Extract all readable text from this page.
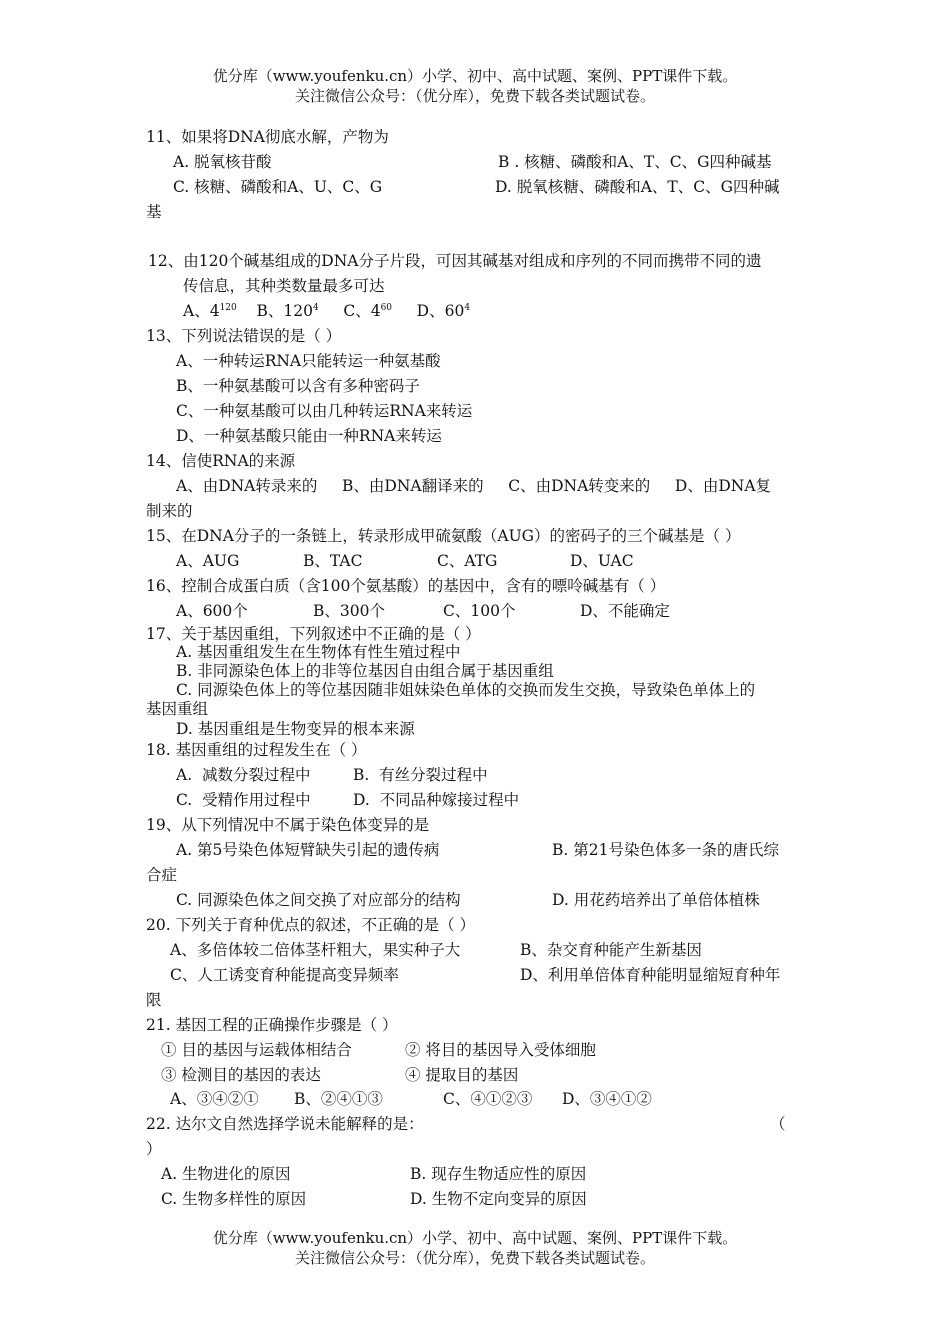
优分库（www.youfenku.cn）小学、初中、高中试题、案例、PPT课件下载。
关注微信公众号：（优分库），免费下载各类试题试卷。
11、如果将DNA彻底水解，产物为
A. 脱氧核苷酸	B . 核糖、磷酸和A、T、C、G四种碱基
C. 核糖、磷酸和A、U、C、G	D. 脱氧核糖、磷酸和A、T、C、G四种碱
基
12、由120个碱基组成的DNA分子片段，可因其碱基对组成和序列的不同而携带不同的遗
传信息，其种类数量最多可达
A、$4^{120}$ B、$120^4$ C、$4^{60}$ D、$60^4$
13、下列说法错误的是（ ）
A、一种转运RNA只能转运一种氨基酸
B、一种氨基酸可以含有多种密码子
C、一种氨基酸可以由几种转运RNA来转运
D、一种氨基酸只能由一种RNA来转运
14、信使RNA的来源
A、由DNA转录来的     B、由DNA翻译来的     C、由DNA转变来的     D、由DNA复
制来的
15、在DNA分子的一条链上，转录形成甲硫氨酸（AUG）的密码子的三个碱基是（ ）
A、AUG	B、TAC	C、ATG	D、UAC
16、控制合成蛋白质（含100个氨基酸）的基因中，含有的嘌呤碱基有（ ）
A、600个	B、300个	C、100个	D、不能确定
17、关于基因重组，下列叙述中不正确的是（ ）
A. 基因重组发生在生物体有性生殖过程中
B. 非同源染色体上的非等位基因自由组合属于基因重组
C. 同源染色体上的等位基因随非姐妹染色单体的交换而发生交换，导致染色单体上的
基因重组
D. 基因重组是生物变异的根本来源
18. 基因重组的过程发生在（ ）
A.  减数分裂过程中	B.  有丝分裂过程中
C.  受精作用过程中	D.  不同品种嫁接过程中
19、从下列情况中不属于染色体变异的是
A. 第5号染色体短臂缺失引起的遗传病	B. 第21号染色体多一条的唐氏综
合症
C. 同源染色体之间交换了对应部分的结构	D. 用花药培养出了单倍体植株
20. 下列关于育种优点的叙述，不正确的是（ ）
A、多倍体较二倍体茎杆粗大，果实种子大	B、杂交育种能产生新基因
C、人工诱变育种能提高变异频率	D、利用单倍体育种能明显缩短育种年
限
21. 基因工程的正确操作步骤是（ ）
① 目的基因与运载体相结合	② 将目的基因导入受体细胞
③ 检测目的基因的表达	④ 提取目的基因
A、③④②① B、②④①③	C、④①②③ D、③④①②
22. 达尔文自然选择学说未能解释的是：	（
）
A. 生物进化的原因	B. 现存生物适应性的原因
C. 生物多样性的原因	D. 生物不定向变异的原因
优分库（www.youfenku.cn）小学、初中、高中试题、案例、PPT课件下载。
关注微信公众号：（优分库），免费下载各类试题试卷。
